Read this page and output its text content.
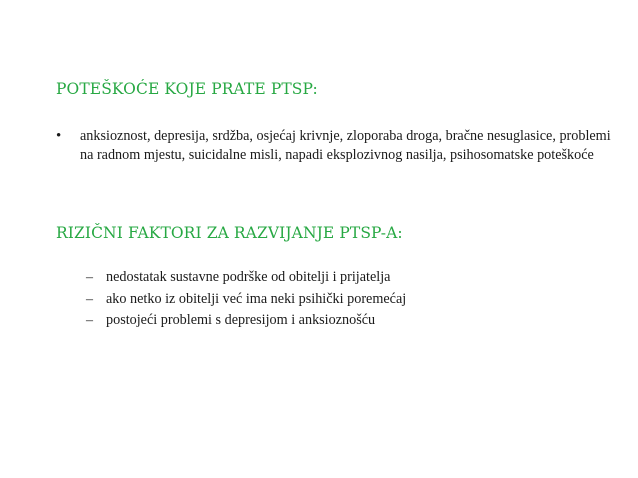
POTEŠKOĆE KOJE PRATE PTSP:
•	anksioznost, depresija, srdžba, osjećaj krivnje, zloporaba droga, bračne nesuglasice, problemi na radnom mjestu, suicidalne misli, napadi eksplozivnog nasilja, psihosomatske poteškoće
RIZIČNI FAKTORI ZA RAZVIJANJE PTSP-A:
– nedostatak sustavne podrške od obitelji i prijatelja
– ako netko iz obitelji već ima neki psihički poremećaj
– postojeći problemi s depresijom i anksioznošću
